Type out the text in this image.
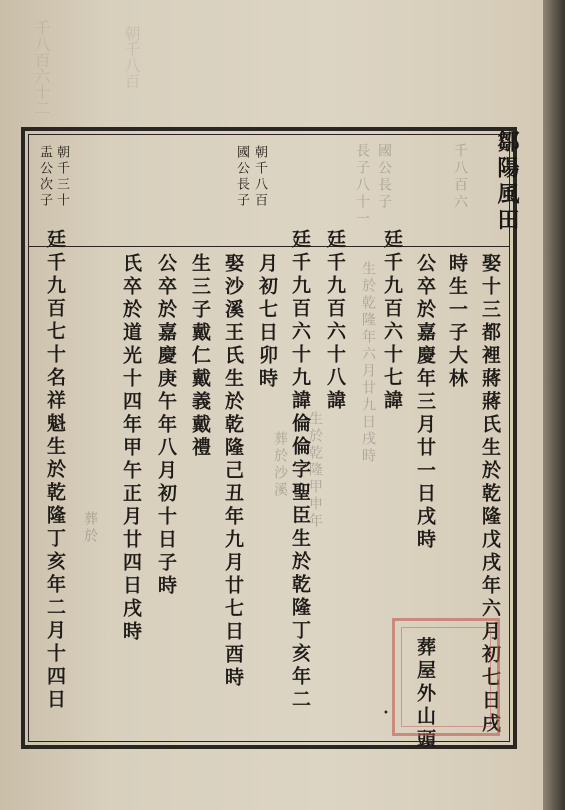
千八百六十二	朝千八百
朝千三十
盂公次子	朝千八百
國公長子	長子八十一 國公長子	千八百六
娶十三都裡蔣蔣氏生於乾隆戊戌年六月初七日戌
時生一子大林
公卒於嘉慶年三月廿一日戌時
葬屋外山頭
廷千九百六十七諱
廷千九百六十八諱
廷千九百六十九諱倫倫字聖臣生於乾隆丁亥年二
月初七日卯時
娶沙溪王氏生於乾隆己丑年九月廿七日酉時
生三子戴仁戴義戴禮
公卒於嘉慶庚午年八月初十日子時
氏卒於道光十四年甲午正月廿四日戌時
廷千九百七十名祥魁生於乾隆丁亥年二月十四日	生於乾隆年六月廿九日戌時
生於乾隆甲申年
葬於沙溪
葬於
鄒陽風田
•
